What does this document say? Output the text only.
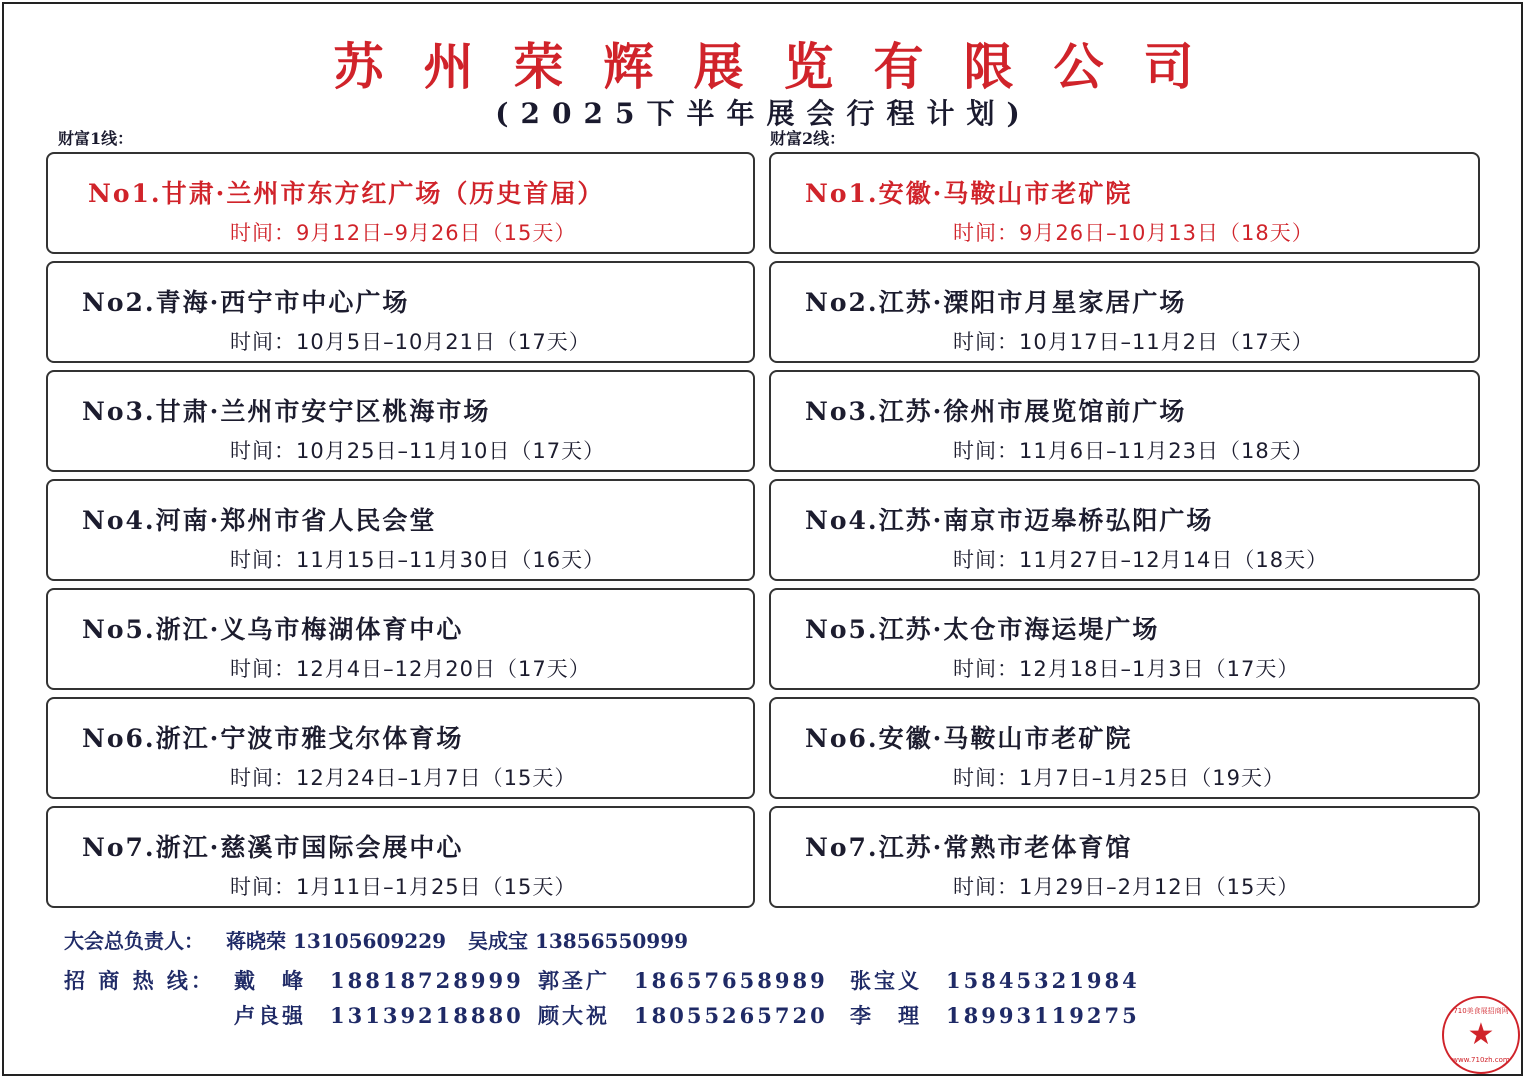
苏 州 荣 辉 展 览 有 限 公 司
(2025下半年展会行程计划)
财富1线：	财富2线：
No1.甘肃·兰州市东方红广场（历史首届）
时间：9月12日–9月26日（15天）
No2.青海·西宁市中心广场
时间：10月5日–10月21日（17天）
No3.甘肃·兰州市安宁区桃海市场
时间：10月25日–11月10日（17天）
No4.河南·郑州市省人民会堂
时间：11月15日–11月30日（16天）
No5.浙江·义乌市梅湖体育中心
时间：12月4日–12月20日（17天）
No6.浙江·宁波市雅戈尔体育场
时间：12月24日–1月7日（15天）
No7.浙江·慈溪市国际会展中心
时间：1月11日–1月25日（15天）
No1.安徽·马鞍山市老矿院
时间：9月26日–10月13日（18天）
No2.江苏·溧阳市月星家居广场
时间：10月17日–11月2日（17天）
No3.江苏·徐州市展览馆前广场
时间：11月6日–11月23日（18天）
No4.江苏·南京市迈皋桥弘阳广场
时间：11月27日–12月14日（18天）
No5.江苏·太仓市海运堤广场
时间：12月18日–1月3日（17天）
No6.安徽·马鞍山市老矿院
时间：1月7日–1月25日（19天）
No7.江苏·常熟市老体育馆
时间：1月29日–2月12日（15天）
大会总负责人： 蒋晓荣 13105609229 吴成宝 13856550999
招 商 热 线： 戴　峰　18818728999 郭圣广　18657658989 张宝义　15845321984
卢良强　13139218880 顾大祝　18055265720 李　理　18993119275
★
710美食展招商网
www.710zh.com
